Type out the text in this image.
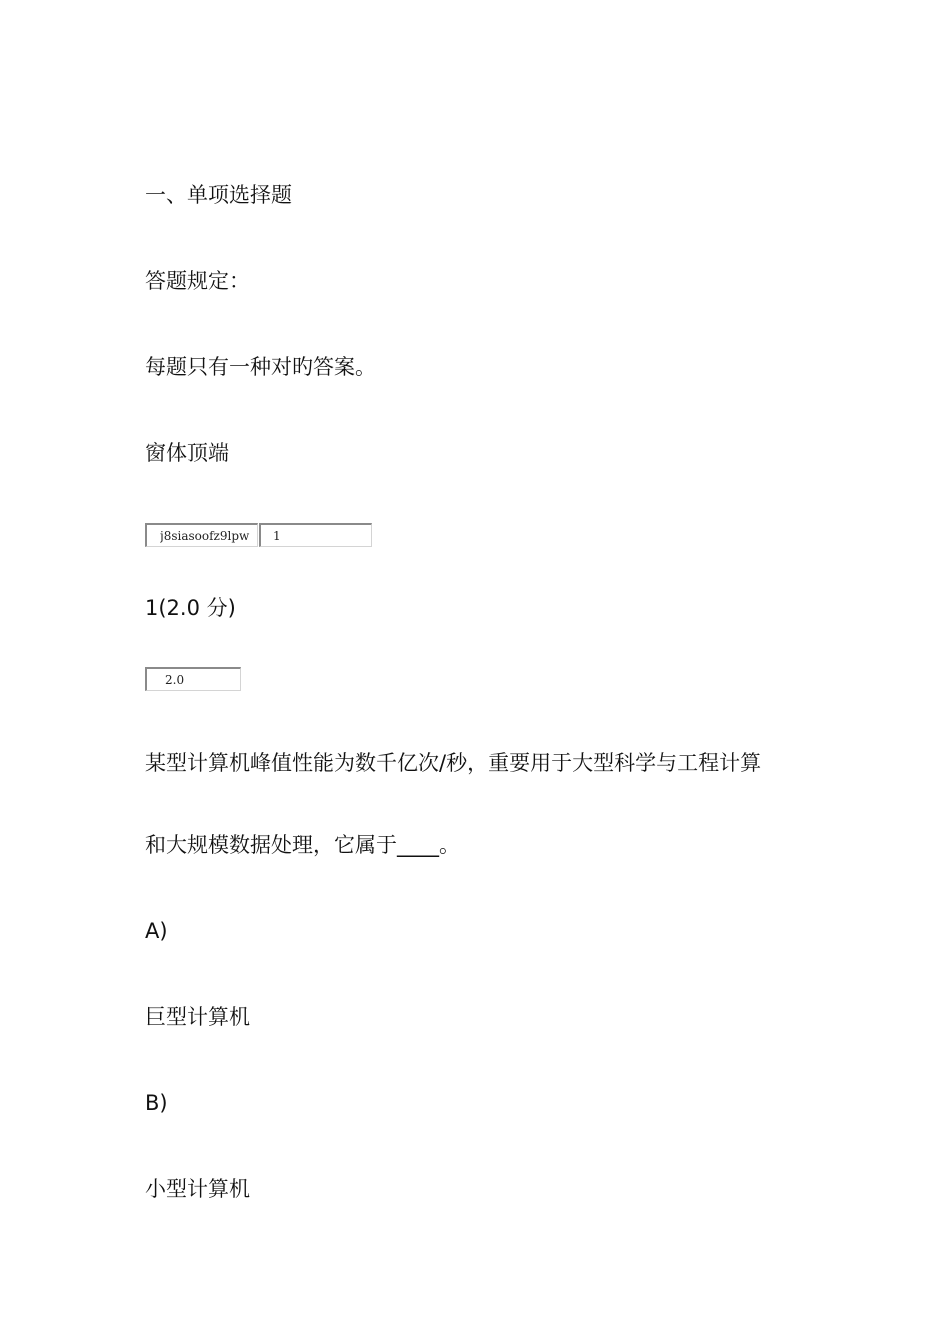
一、单项选择题
答题规定：
每题只有一种对旳答案。
窗体顶端
j8siasoofz9lpw
1
1(2.0 分)
2.0
某型计算机峰值性能为数千亿次/秒，重要用于大型科学与工程计算
和大规模数据处理，它属于____。
A)
巨型计算机
B)
小型计算机
